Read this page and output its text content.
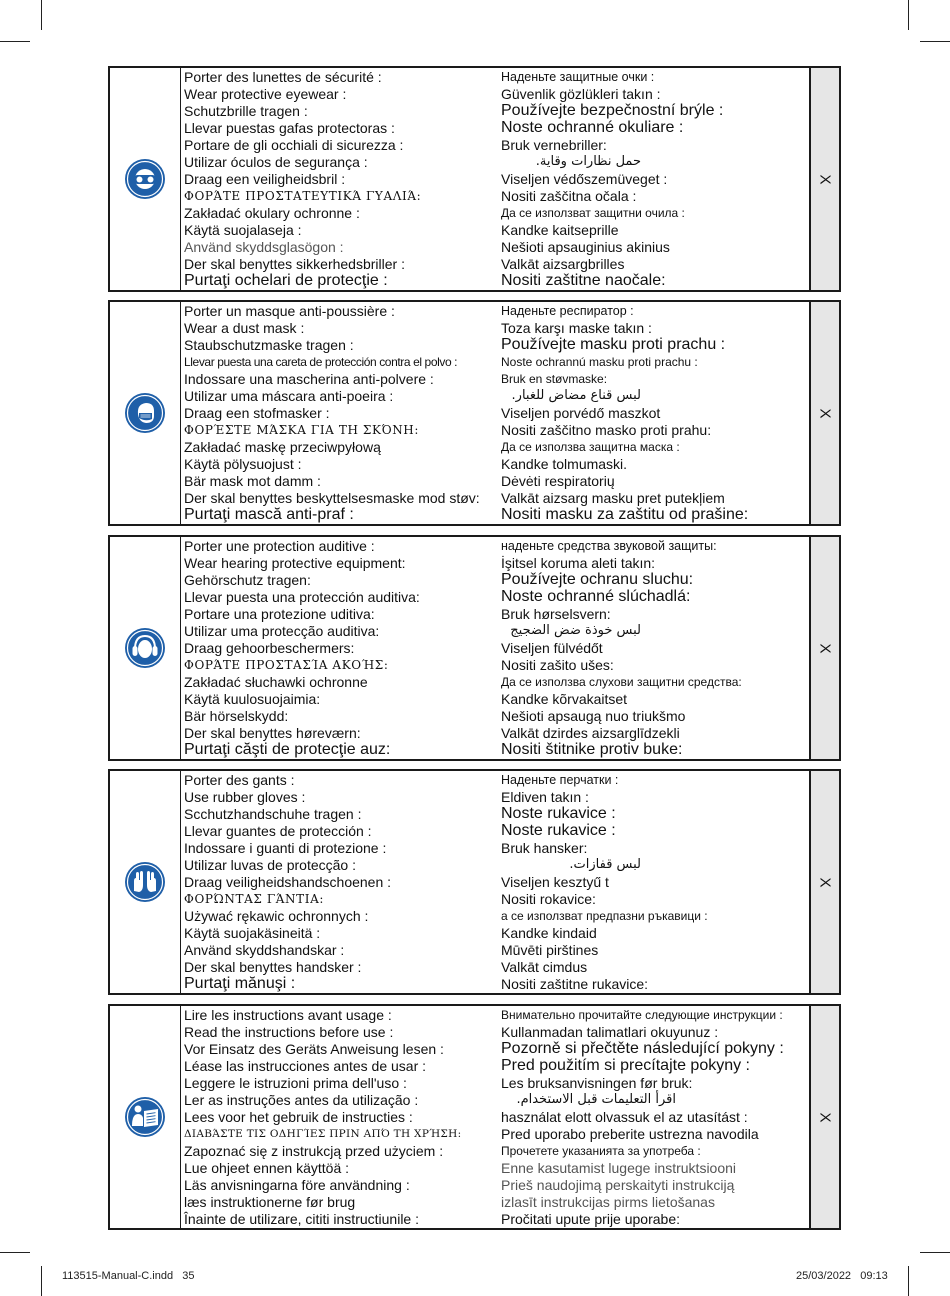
Porter des lunettes de sécurité :
Wear protective eyewear :
Schutzbrille tragen :
Llevar puestas gafas protectoras :
Portare de gli occhiali di sicurezza :
Utilizar óculos de segurança :
Draag een veiligheidsbril :
ΦΟΡΆΤΕ ΠΡΟΣΤΑΤΕΥΤΙΚΆ ΓΥΑΛΙΆ:
Zakładać okulary ochronne :
Käytä suojalaseja :
Använd skyddsglasögon :
Der skal benyttes sikkerhedsbriller :
Purtaţi ochelari de protecţie :
Наденьте защитные очки :
Güvenlik gözlükleri takın :
Používejte bezpečnostní brýle :
Noste ochranné okuliare :
Bruk vernebriller:
حمل نظارات وقاية.
Viseljen védőszemüveget :
Nositi zaščitna očala :
Да се използват защитни очила :
Kandke kaitseprille
Nešioti apsauginius akinius
Valkāt aizsargbrilles
Nositi zaštitne naočale:
X
Porter un masque anti-poussière :
Wear a dust mask :
Staubschutzmaske tragen :
Llevar puesta una careta de protección contra el polvo :
Indossare una mascherina anti-polvere :
Utilizar uma máscara anti-poeira :
Draag een stofmasker :
ΦΟΡΈΣΤΕ ΜΆΣΚΑ ΓΙΑ ΤΗ ΣΚΌΝΗ:
Zakładać maskę przeciwpyłową
Käytä pölysuojust :
Bär mask mot damm :
Der skal benyttes beskyttelsesmaske mod støv:
Purtaţi mască anti-praf :
Наденьте респиратор :
Toza karşı maske takın :
Používejte masku proti prachu :
Noste ochrannú masku proti prachu :
Bruk en støvmaske:
لبس قناع مضاض للغبار.
Viseljen porvédő maszkot
Nositi zaščitno masko proti prahu:
Да се използва защитна маска :
Kandke tolmumaski.
Dėvėti respiratorių
Valkāt aizsarg masku pret putekļiem
Nositi masku za zaštitu od prašine:
X
Porter une protection auditive :
Wear hearing protective equipment:
Gehörschutz tragen:
Llevar puesta una protección auditiva:
Portare una protezione uditiva:
Utilizar uma protecção auditiva:
Draag gehoorbeschermers:
ΦΟΡΆΤΕ ΠΡΟΣΤΑΣΊΑ ΑΚΟΉΣ:
Zakładać słuchawki ochronne
Käytä kuulosuojaimia:
Bär hörselskydd:
Der skal benyttes høreværn:
Purtaţi căşti de protecţie auz:
наденьте средства звуковой защиты:
İşitsel koruma aleti takın:
Používejte ochranu sluchu:
Noste ochranné slúchadlá:
Bruk hørselsvern:
لبس خوذة ضض الضجيج
Viseljen fülvédőt
Nositi zašito ušes:
Да се използва слухови защитни средства:
Kandke kõrvakaitset
Nešioti apsaugą nuo triukšmo
Valkāt dzirdes aizsarglīdzekli
Nositi štitnike protiv buke:
X
Porter des gants :
Use rubber gloves :
Scchutzhandschuhe tragen :
Llevar guantes de protección :
Indossare i guanti di protezione :
Utilizar luvas de protecção :
Draag veiligheidshandschoenen :
ΦΟΡΏΝΤΑΣ ΓΆΝΤΙΑ:
Używać rękawic ochronnych :
Käytä suojakäsineitä :
Använd skyddshandskar :
Der skal benyttes handsker :
Purtaţi mănuşi :
Наденьте перчатки :
Eldiven takın :
Noste rukavice :
Noste rukavice :
Bruk hansker:
لبس قفازات.
Viseljen kesztyű t
Nositi rokavice:
а се използват предпазни ръкавици :
Kandke kindaid
Mūvēti pirštines
Valkāt cimdus
Nositi zaštitne rukavice:
X
Lire les instructions avant usage :
Read the instructions before use :
Vor Einsatz des Geräts Anweisung lesen :
Léase las instrucciones antes de usar :
Leggere le istruzioni prima dell'uso :
Ler as instruções antes da utilização :
Lees voor het gebruik de instructies :
ΔΙΑΒΆΣΤΕ ΤΙΣ ΟΔΗΓΊΕΣ ΠΡΙΝ ΑΠΌ ΤΗ ΧΡΉΣΗ:
Zapoznać się z instrukcją przed użyciem :
Lue ohjeet ennen käyttöä :
Läs anvisningarna före användning :
læs instruktionerne før brug
Înainte de utilizare, cititi instructiunile :
Внимательно прочитайте следующие инструкции :
Kullanmadan talimatlari okuyunuz :
Pozorně si přečtěte následující pokyny :
Pred použitím si precítajte pokyny :
Les bruksanvisningen før bruk:
اقرأ التعليمات قبل الاستخدام.
használat elott olvassuk el az utasítást :
Pred uporabo preberite ustrezna navodila
Прочетете указанията за употреба :
Enne kasutamist lugege instruktsiooni
Prieš naudojimą perskaityti instrukciją
izlasīt instrukcijas pirms lietošanas
Pročitati upute prije uporabe:
X
113515-Manual-C.indd   35	25/03/2022   09:13
